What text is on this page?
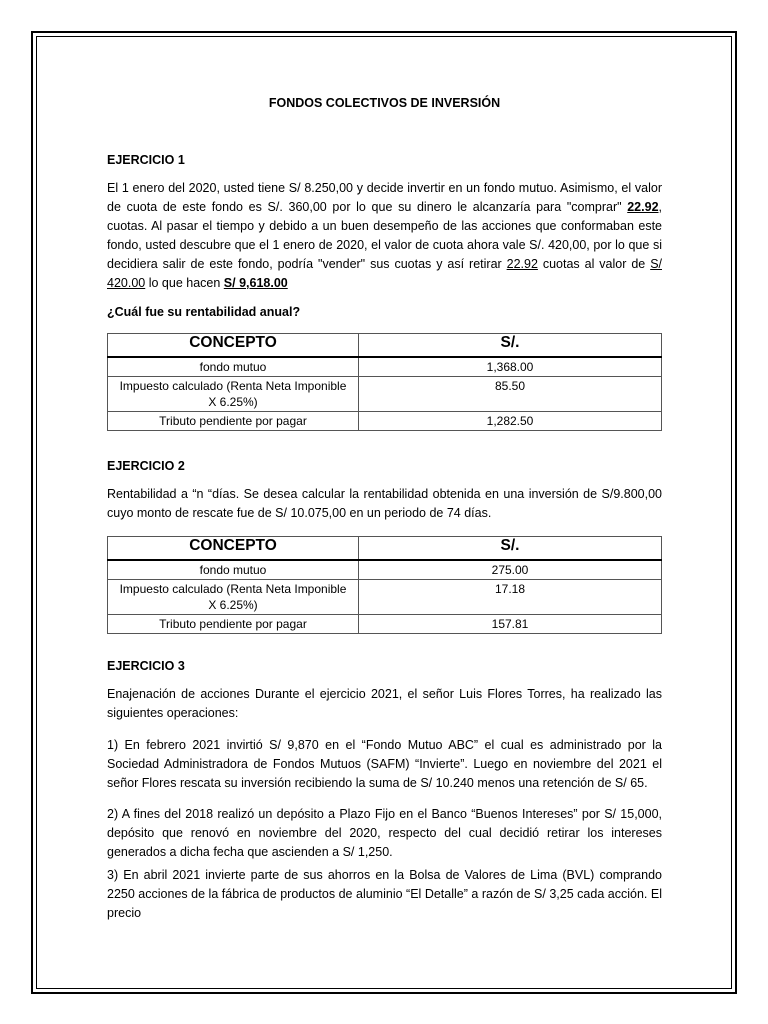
FONDOS COLECTIVOS DE INVERSIÓN

EJERCICIO 1

El 1 enero del 2020, usted tiene S/ 8.250,00 y decide invertir en un fondo mutuo. Asimismo, el valor de cuota de este fondo es S/. 360,00 por lo que su dinero le alcanzaría para "comprar" 22.92, cuotas. Al pasar el tiempo y debido a un buen desempeño de las acciones que conformaban este fondo, usted descubre que el 1 enero de 2020, el valor de cuota ahora vale S/. 420,00, por lo que si decidiera salir de este fondo, podría "vender" sus cuotas y así retirar 22.92 cuotas al valor de S/ 420.00 lo que hacen S/ 9,618.00

¿Cuál fue su rentabilidad anual?

CONCEPTO	S/.
fondo mutuo	1,368.00
Impuesto calculado (Renta Neta Imponible X 6.25%)	85.50
Tributo pendiente por pagar	1,282.50

EJERCICIO 2

Rentabilidad a “n “días. Se desea calcular la rentabilidad obtenida en una inversión de S/9.800,00 cuyo monto de rescate fue de S/ 10.075,00 en un periodo de 74 días.

CONCEPTO	S/.
fondo mutuo	275.00
Impuesto calculado (Renta Neta Imponible X 6.25%)	17.18
Tributo pendiente por pagar	157.81

EJERCICIO 3

Enajenación de acciones Durante el ejercicio 2021, el señor Luis Flores Torres, ha realizado las siguientes operaciones:

1) En febrero 2021 invirtió S/ 9,870 en el “Fondo Mutuo ABC” el cual es administrado por la Sociedad Administradora de Fondos Mutuos (SAFM) “Invierte”. Luego en noviembre del 2021 el señor Flores rescata su inversión recibiendo la suma de S/ 10.240 menos una retención de S/ 65.

2) A fines del 2018 realizó un depósito a Plazo Fijo en el Banco “Buenos Intereses” por S/ 15,000, depósito que renovó en noviembre del 2020, respecto del cual decidió retirar los intereses generados a dicha fecha que ascienden a S/ 1,250.

3) En abril 2021 invierte parte de sus ahorros en la Bolsa de Valores de Lima (BVL) comprando 2250 acciones de la fábrica de productos de aluminio “El Detalle” a razón de S/ 3,25 cada acción. El precio
